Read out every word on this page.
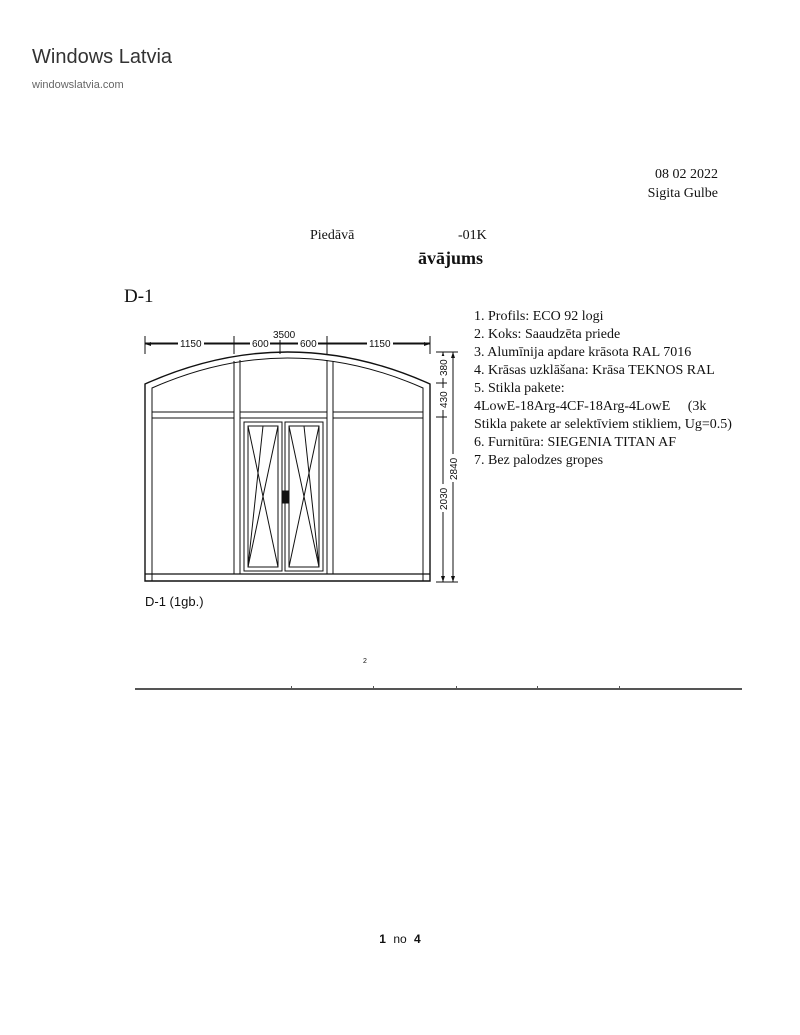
Windows Latvia
windowslatvia.com
08 02 2022
Sigita Gulbe
Piedāvā	-01K
āvājums
D-1
1. Profils: ECO 92 logi
2. Koks: Saaudzēta priede
3. Alumīnija apdare krāsota RAL 7016
4. Krāsas uzklāšana: Krāsa TEKNOS RAL
5. Stikla pakete:
4LowE-18Arg-4CF-18Arg-4LowE     (3k
Stikla pakete ar selektīviem stikliem, Ug=0.5)
6. Furnitūra: SIEGENIA TITAN AF
7. Bez palodzes gropes
3500
1150	600	600	1150
380
430
2030
2840
D-1 (1gb.)
2
1 no 4
